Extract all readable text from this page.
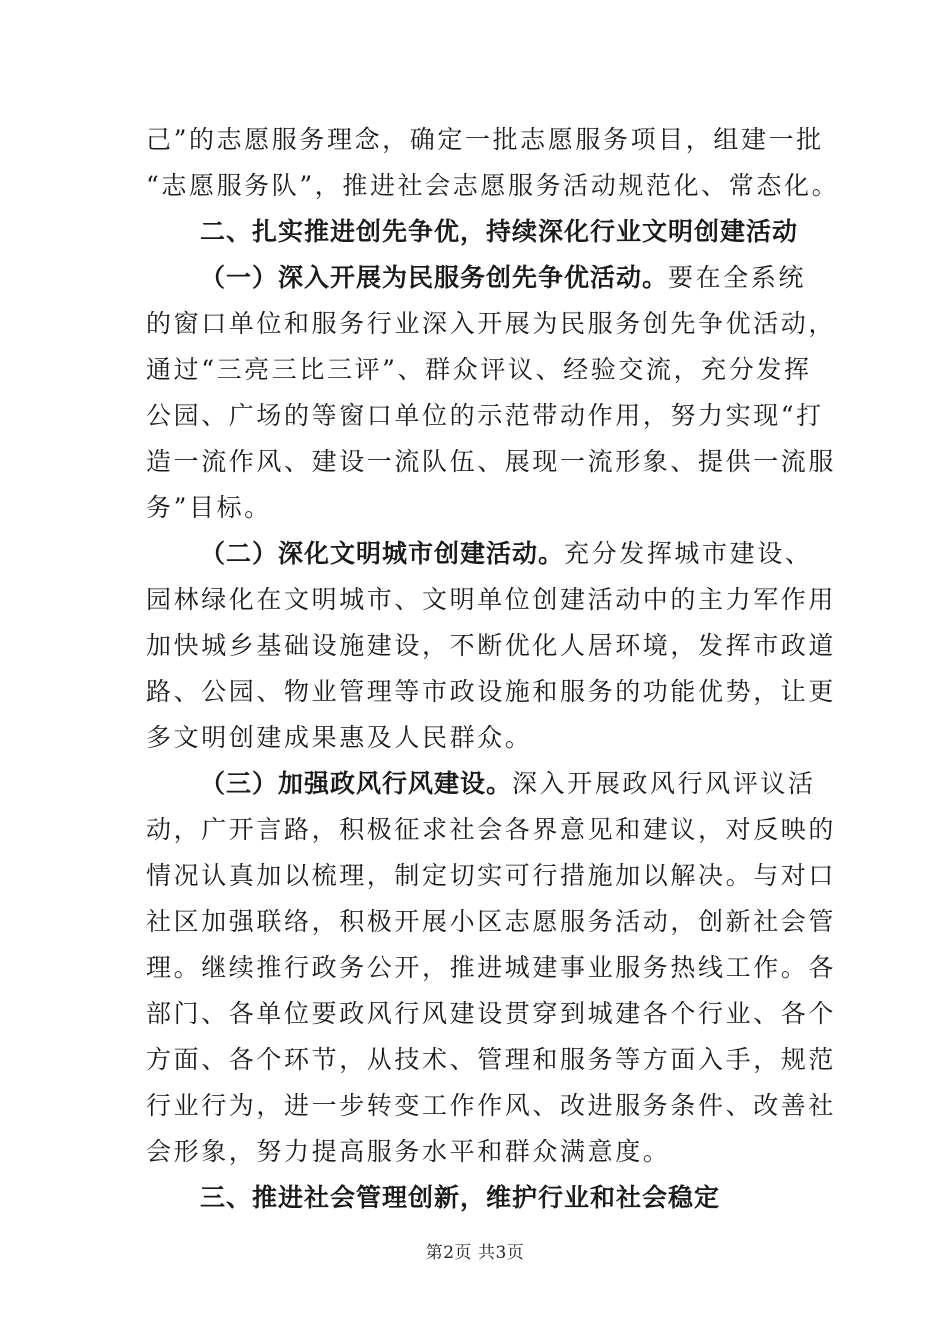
己”的志愿服务理念，确定一批志愿服务项目，组建一批
“志愿服务队”，推进社会志愿服务活动规范化、常态化。
二、扎实推进创先争优，持续深化行业文明创建活动
（一）深入开展为民服务创先争优活动。要在全系统
的窗口单位和服务行业深入开展为民服务创先争优活动，
通过“三亮三比三评”、群众评议、经验交流，充分发挥
公园、广场的等窗口单位的示范带动作用，努力实现“打
造一流作风、建设一流队伍、展现一流形象、提供一流服
务”目标。
（二）深化文明城市创建活动。充分发挥城市建设、
园林绿化在文明城市、文明单位创建活动中的主力军作用
加快城乡基础设施建设，不断优化人居环境，发挥市政道
路、公园、物业管理等市政设施和服务的功能优势，让更
多文明创建成果惠及人民群众。
（三）加强政风行风建设。深入开展政风行风评议活
动，广开言路，积极征求社会各界意见和建议，对反映的
情况认真加以梳理，制定切实可行措施加以解决。与对口
社区加强联络，积极开展小区志愿服务活动，创新社会管
理。继续推行政务公开，推进城建事业服务热线工作。各
部门、各单位要政风行风建设贯穿到城建各个行业、各个
方面、各个环节，从技术、管理和服务等方面入手，规范
行业行为，进一步转变工作作风、改进服务条件、改善社
会形象，努力提高服务水平和群众满意度。
三、推进社会管理创新，维护行业和社会稳定
第2页 共3页
